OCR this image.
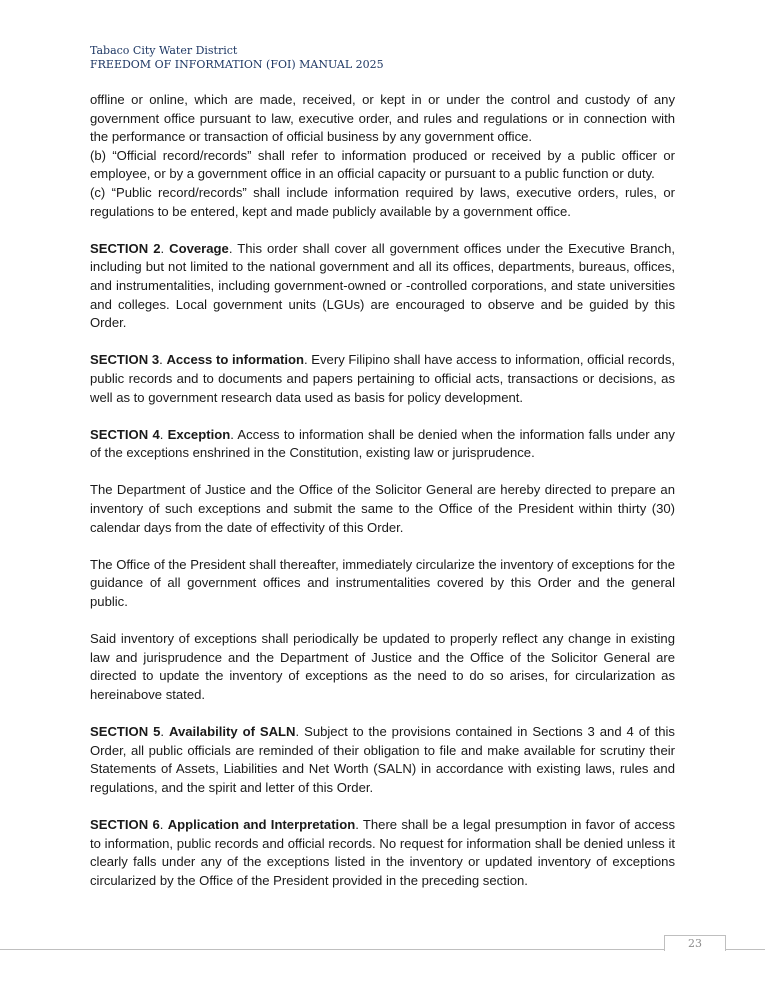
Tabaco City Water District
FREEDOM OF INFORMATION (FOI) MANUAL 2025

offline or online, which are made, received, or kept in or under the control and custody of any government office pursuant to law, executive order, and rules and regulations or in connection with the performance or transaction of official business by any government office.

(b) “Official record/records” shall refer to information produced or received by a public officer or employee, or by a government office in an official capacity or pursuant to a public function or duty.

(c) “Public record/records” shall include information required by laws, executive orders, rules, or regulations to be entered, kept and made publicly available by a government office.

SECTION 2. Coverage. This order shall cover all government offices under the Executive Branch, including but not limited to the national government and all its offices, departments, bureaus, offices, and instrumentalities, including government-owned or -controlled corporations, and state universities and colleges. Local government units (LGUs) are encouraged to observe and be guided by this Order.

SECTION 3. Access to information. Every Filipino shall have access to information, official records, public records and to documents and papers pertaining to official acts, transactions or decisions, as well as to government research data used as basis for policy development.

SECTION 4. Exception. Access to information shall be denied when the information falls under any of the exceptions enshrined in the Constitution, existing law or jurisprudence.

The Department of Justice and the Office of the Solicitor General are hereby directed to prepare an inventory of such exceptions and submit the same to the Office of the President within thirty (30) calendar days from the date of effectivity of this Order.

The Office of the President shall thereafter, immediately circularize the inventory of exceptions for the guidance of all government offices and instrumentalities covered by this Order and the general public.

Said inventory of exceptions shall periodically be updated to properly reflect any change in existing law and jurisprudence and the Department of Justice and the Office of the Solicitor General are directed to update the inventory of exceptions as the need to do so arises, for circularization as hereinabove stated.

SECTION 5. Availability of SALN. Subject to the provisions contained in Sections 3 and 4 of this Order, all public officials are reminded of their obligation to file and make available for scrutiny their Statements of Assets, Liabilities and Net Worth (SALN) in accordance with existing laws, rules and regulations, and the spirit and letter of this Order.

SECTION 6. Application and Interpretation. There shall be a legal presumption in favor of access to information, public records and official records. No request for information shall be denied unless it clearly falls under any of the exceptions listed in the inventory or updated inventory of exceptions circularized by the Office of the President provided in the preceding section.

23
